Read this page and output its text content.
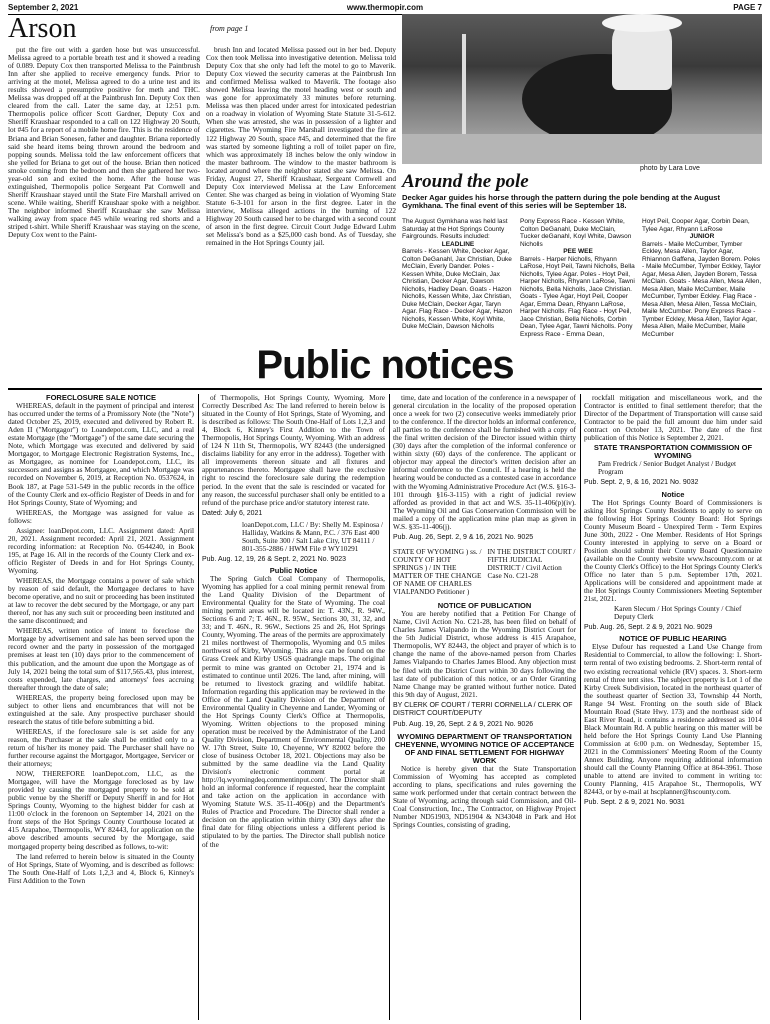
September 2, 2021	www.thermopir.com	PAGE 7
Arson	from page 1

put the fire out with a garden hose but was unsuccessful. Melissa agreed to a portable breath test and it showed a reading of 0.089. Deputy Cox then transported Melissa to the Paintbrush Inn after she applied to receive emergency funds. Prior to arriving at the motel, Melissa agreed to do a urine test and its results showed a presumptive positive for meth and THC. Melissa was dropped off at the Paintbrush Inn. Deputy Cox then cleared from the call. Later the same day, at 12:51 p.m. Thermopolis police officer Scott Gardner, Deputy Cox and Sheriff Kraushaar responded to a call on 122 Highway 20 South, lot #45 for a report of a mobile home fire. This is the residence of Briana and Brian Sonesen, father and daughter. Briana reportedly said she heard items being thrown around the bedroom and popping sounds. Melissa told the law enforcement officers that she yelled for Briana to get out of the house. Brian then noticed smoke coming from the bedroom and then she gathered her two-year-old son and exited the home. After the house was extinguished, Thermopolis police Sergeant Pat Cornwell and Sheriff Kraushaar stayed until the State Fire Marshall arrived on scene. While waiting, Sheriff Kraushaar spoke with a neighbor. The neighbor informed Sheriff Kraushaar she saw Melissa walking away from space #45 while wearing red shorts and a striped t-shirt. While Sheriff Kraushaar was staying on the scene, Deputy Cox went to the Paint-

brush Inn and located Melissa passed out in her bed. Deputy Cox then took Melissa into investigative detention. Melissa told Deputy Cox that she only had left the motel to go to Maverik. Deputy Cox viewed the security cameras at the Paintbrush Inn and confirmed Melissa walked to Maverik. The footage also showed Melissa leaving the motel heading west or south and was gone for approximately 33 minutes before returning. Melissa was then placed under arrest for intoxicated pedestrian on a roadway in violation of Wyoming State Statute 31-5-612. When she was arrested, she was in possession of a lighter and cigarettes. The Wyoming Fire Marshall investigated the fire at 122 Highway 20 South, space #45, and determined that the fire was started by someone lighting a roll of toilet paper on fire, which was approximately 18 inches below the only window in the master bathroom. The window to the master bathroom is located around where the neighbor stated she saw Melissa. On Friday, August 27, Sheriff Kraushaar, Sergeant Cornwell and Deputy Cox interviewed Melissa at the Law Enforcement Center. She was charged as being in violation of Wyoming State Statute 6-3-101 for arson in the first degree. Later in the interview, Melissa alleged actions in the burning of 122 Highway 20 South caused her to be charged with a second count of arson in the first degree. Circuit Court Judge Edward Luhm set Melissa's bond as a $25,000 cash bond. As of Tuesday, she remained in the Hot Springs County jail.

photo by Lara Love
Around the pole
Decker Agar guides his horse through the pattern during the pole bending at the August Gymkhana. The final event of this series will be September 18.
The August Gymkhana was held last Saturday at the Hot Springs County Fairgrounds. Results included:
LEADLINE
Barrels - Kessen White, Decker Agar, Colton DeGanahl, Jax Christian, Duke McClain, Everly Dander. Poles - Kessen White, Duke McClain, Jax Christian, Decker Agar, Dawson Nicholls, Hadley Dean. Goats - Hazon Nicholls, Kessen White, Jax Christian, Duke McClain, Decker Agar, Taryn Agar. Flag Race - Decker Agar, Hazon Nicholls, Kessen White, Koyl White, Duke McClain, Dawson Nicholls
Pony Express Race - Kessen White, Colton DeGanahl, Duke McClain, Tucker deGanahl, Koyl White, Dawson Nicholls
PEE WEE
Barrels - Harper Nicholls, Rhyann LaRose, Hoyt Peil, Tawni Nicholls, Bella Nicholls, Tylee Agar. Poles - Hoyt Peil, Harper Nicholls, Rhyann LaRose, Tawni Nicholls, Bella Nicholls, Jace Christian. Goats - Tylee Agar, Hoyt Peil, Cooper Agar, Emma Dean, Rhyann LaRose, Harper Nicholls. Flag Race - Hoyt Peil, Jace Christian, Bella Nicholls, Corbin Dean, Tylee Agar, Tawni Nicholls. Pony Express Race - Emma Dean,
Hoyt Peil, Cooper Agar, Corbin Dean, Tylee Agar, Rhyann LaRose
JUNIOR
Barrels - Maile McCumber, Tymber Eckley, Mesa Allen, Taylor Agar, Rhiannon Gaffena, Jayden Borem. Poles - Maile McCumber, Tymber Eckley, Taylor Agar, Mesa Allen, Jayden Borem, Tessa McClain. Goats - Mesa Allen, Mesa Allen, Mesa Allen, Maile McCumber, Maile McCumber, Tymber Eckley. Flag Race - Mesa Allen, Mesa Allen, Tessa McClain, Maile McCumber. Pony Express Race - Tymber Eckley, Mesa Allen, Taylor Agar, Mesa Allen, Maile McCumber, Maile McCumber
Public notices
FORECLOSURE SALE NOTICE

WHEREAS, default in the payment of principal and interest has occurred under the terms of a Promissory Note (the "Note") dated October 25, 2019, executed and delivered by Robert R. Aden II ("Mortgagor") to Loandepot.com, LLC, and a real estate Mortgage (the "Mortgage") of the same date securing the Note, which Mortgage was executed and delivered by said Mortgagor, to Mortgage Electronic Registration Systems, Inc., as Mortgagee, as nominee for Loandepot.com, LLC, its successors and assigns as Mortgagee, and which Mortgage was recorded on November 6, 2019, at Reception No. 0537624, in Book 187, at Page 531-549 in the public records in the office of the County Clerk and ex-officio Register of Deeds in and for Hot Springs County, State of Wyoming; and

WHEREAS, the Mortgage was assigned for value as follows:

Assignee: loanDepot.com, LLC. Assignment dated: April 20, 2021. Assignment recorded: April 21, 2021. Assignment recording information: at Reception No. 0544240, in Book 195, at Page 16. All in the records of the County Clerk and ex-officio Register of Deeds in and for Hot Springs County, Wyoming.

WHEREAS, the Mortgage contains a power of sale which by reason of said default, the Mortgagee declares to have become operative, and no suit or proceeding has been instituted at law to recover the debt secured by the Mortgage, or any part thereof, nor has any such suit or proceeding been instituted and the same discontinued; and

WHEREAS, written notice of intent to foreclose the Mortgage by advertisement and sale has been served upon the record owner and the party in possession of the mortgaged premises at least ten (10) days prior to the commencement of this publication, and the amount due upon the Mortgage as of July 14, 2021 being the total sum of $117,565.43, plus interest, costs expended, late charges, and attorneys' fees accruing thereafter through the date of sale;

WHEREAS, the property being foreclosed upon may be subject to other liens and encumbrances that will not be extinguished at the sale. Any prospective purchaser should research the status of title before submitting a bid.

WHEREAS, if the foreclosure sale is set aside for any reason, the Purchaser at the sale shall be entitled only to a return of his/her its money paid. The Purchaser shall have no further recourse against the Mortgagor, Mortgagee, Servicer or their attorneys;

NOW, THEREFORE loanDepot.com, LLC, as the Mortgagee, will have the Mortgage foreclosed as by law provided by causing the mortgaged property to be sold at public venue by the Sheriff or Deputy Sheriff in and for Hot Springs County, Wyoming to the highest bidder for cash at 11:00 o'clock in the forenoon on September 14, 2021 on the front steps of the Hot Springs County Courthouse located at 415 Arapahoe, Thermopolis, WY 82443, for application on the above described amounts secured by the Mortgage, said mortgaged property being described as follows, to-wit:

The land referred to herein below is situated in the County of Hot Springs, State of Wyoming, and is described as follows: The South One-Half of Lots 1,2,3 and 4, Block 6, Kinney's First Addition to the Town

of Thermopolis, Hot Springs County, Wyoming. More Correctly Described As: The land referred to herein below is situated in the County of Hot Springs, State of Wyoming, and is described as follows: The South One-Half of Lots 1,2,3 and 4, Block 6, Kinney's First Addition to the Town of Thermopolis, Hot Springs County, Wyoming. With an address of 124 N 11th St, Thermopolis, WY 82443 (the undersigned disclaims liability for any error in the address). Together with all improvements thereon situate and all fixtures and appurtenances thereto. Mortgagee shall have the exclusive right to rescind the foreclosure sale during the redemption period. In the event that the sale is rescinded or vacated for any reason, the successful purchaser shall only be entitled to a refund of the purchase price and/or statutory interest rate.

Dated: July 6, 2021
loanDepot.com, LLC / By: Shelly M. Espinosa / Halliday, Watkins & Mann, P.C. / 376 East 400 South, Suite 300 / Salt Lake City, UT 84111 / 801-355-2886 / HWM File # WY10291
Pub. Aug. 12, 19, 26 & Sept. 2, 2021 No. 9023
Public Notice

The Spring Gulch Coal Company of Thermopolis, Wyoming has applied for a coal mining permit renewal from the Land Quality Division of the Department of Environmental Quality for the State of Wyoming. The coal mining permit areas will be located in: T. 43N., R. 94W., Sections 6 and 7; T. 46N., R. 95W., Sections 30, 31, 32, and 33; and T. 46N., R. 96W., Sections 25 and 26, Hot Springs County, Wyoming. The areas of the permits are approximately 21 miles northwest of Thermopolis, Wyoming and 0.5 miles northwest of Kirby, Wyoming. This area can be found on the Grass Creek and Kirby USGS quadrangle maps. The original permit to mine was granted on October 21, 1974 and is estimated to continue until 2026. The land, after mining, will be returned to livestock grazing and wildlife habitat. Information regarding this application may be reviewed in the Office of the Land Quality Division of the Department of Environmental Quality in Cheyenne and Lander, Wyoming or the Hot Springs County Clerk's Office at Thermopolis, Wyoming. Written objections to the proposed mining operation must be received by the Administrator of the Land Quality Division, Department of Environmental Quality, 200 W. 17th Street, Suite 10, Cheyenne, WY 82002 before the close of business October 18, 2021. Objections may also be submitted by the same deadline via the Land Quality Division's electronic comment portal at http://lq.wyomingdeq.commentinput.com/. The Director shall hold an informal conference if requested, hear the complaint and take action on the application in accordance with Wyoming Statute W.S. 35-11-406(p) and the Department's Rules of Practice and Procedure. The Director shall render a decision on the application within thirty (30) days after the final date for filing objections unless a different period is stipulated to by the parties. The Director shall publish notice of the

time, date and location of the conference in a newspaper of general circulation in the locality of the proposed operation once a week for two (2) consecutive weeks immediately prior to the conference. If the director holds an informal conference, all parties to the conference shall be furnished with a copy of the final written decision of the Director issued within thirty (30) days after the completion of the informal conference or within sixty (60) days of the conference. The applicant or objector may appeal the director's written decision after an informal conference to the Council. If a hearing is held the hearing would be conducted as a contested case in accordance with the Wyoming Administrative Procedure Act (W.S. §16-3-101 through §16-3-115) with a right of judicial review afforded as provided in that act and W.S. 35-11-406(p)(iv). The Wyoming Oil and Gas Conservation Commission will be mailed a copy of the application mine plan map as given in W.S. §35-11-406(j).

Pub. Aug. 26, Sept. 2, 9 & 16, 2021 No. 9025
STATE OF WYOMING ) ss. / COUNTY OF HOT SPRINGS ) / IN THE MATTER OF THE CHANGE OF NAME OF CHARLES VIALPANDO Petitioner )
IN THE DISTRICT COURT / FIFTH JUDICIAL DISTRICT / Civil Action Case No. C21-28
NOTICE OF PUBLICATION

You are hereby notified that a Petition For Change of Name, Civil Action No. C21-28, has been filed on behalf of Charles James Vialpando in the Wyoming District Court for the 5th Judicial District, whose address is 415 Arapahoe, Thermopolis, WY 82443, the object and prayer of which is to change the name of the above-named person from Charles James Vialpando to Charles James Blood. Any objection must be filed with the District Court within 30 days following the last date of publication of this notice, or an Order Granting Name Change may be granted without further notice. Dated this 9th day of August, 2021.

BY CLERK OF COURT / TERRI CORNELLA / CLERK OF DISTRICT COURT/DEPUTY
Pub. Aug. 19, 26, Sept. 2 & 9, 2021 No. 9026
WYOMING DEPARTMENT OF TRANSPORTATION CHEYENNE, WYOMING NOTICE OF ACCEPTANCE OF AND FINAL SETTLEMENT FOR HIGHWAY WORK

Notice is hereby given that the State Transportation Commission of Wyoming has accepted as completed according to plans, specifications and rules governing the same work performed under that certain contract between the State of Wyoming, acting through said Commission, and Oil-Coal Construction, Inc., The Contractor, on Highway Project Number ND51903, ND51904 & N343048 in Park and Hot Springs Counties, consisting of grading,

rockfall mitigation and miscellaneous work, and the Contractor is entitled to final settlement therefor; that the Director of the Department of Transportation will cause said Contractor to be paid the full amount due him under said contract on October 13, 2021. The date of the first publication of this Notice is September 2, 2021.

STATE TRANSPORTATION COMMISSION OF WYOMING
Pam Fredrick / Senior Budget Analyst / Budget Program
Pub. Sept. 2, 9, & 16, 2021 No. 9032
Notice

The Hot Springs County Board of Commissioners is asking Hot Springs County Residents to apply to serve on the following Hot Springs County Board: Hot Springs County Museum Board - Unexpired Term - Term Expires June 30th, 2022 - One Member. Residents of Hot Springs County interested in applying to serve on a Board or Position should submit their County Board Questionnaire (available on the County website www.hscounty.com or at the County Clerk's Office) to the Hot Springs County Clerk's Office no later than 5 p.m. September 17th, 2021. Applications will be considered and appointment made at the Hot Springs County Commissioners Meeting September 21st, 2021.

Karen Slecum / Hot Springs County / Chief Deputy Clerk
Pub. Aug. 26, Sept. 2 & 9, 2021 No. 9029
NOTICE OF PUBLIC HEARING

Elyse Dufour has requested a Land Use Change from Residential to Commercial, to allow the following: 1. Short-term rental of two existing bedrooms. 2. Short-term rental of two existing recreational vehicle (RV) spaces. 3. Short-term rental of three tent sites. The subject property is Lot 1 of the Kirby Creek Subdivision, located in the northeast quarter of the southeast quarter of Section 33, Township 44 North, Range 94 West. Fronting on the south side of Black Mountain Road (State Hwy. 173) and the northeast side of East River Road, it contains a residence addressed as 1014 Black Mountain Rd. A public hearing on this matter will be held before the Hot Springs County Land Use Planning Commission at 6:00 p.m. on Wednesday, September 15, 2021 in the Commissioners' Meeting Room of the County Annex Building. Anyone requiring additional information should call the County Planning Office at 864-3961. Those unable to attend are invited to comment in writing to: County Planning, 415 Arapahoe St., Thermopolis, WY 82443, or by e-mail at hscplanner@hscounty.com.

Pub. Sept. 2 & 9, 2021 No. 9031
